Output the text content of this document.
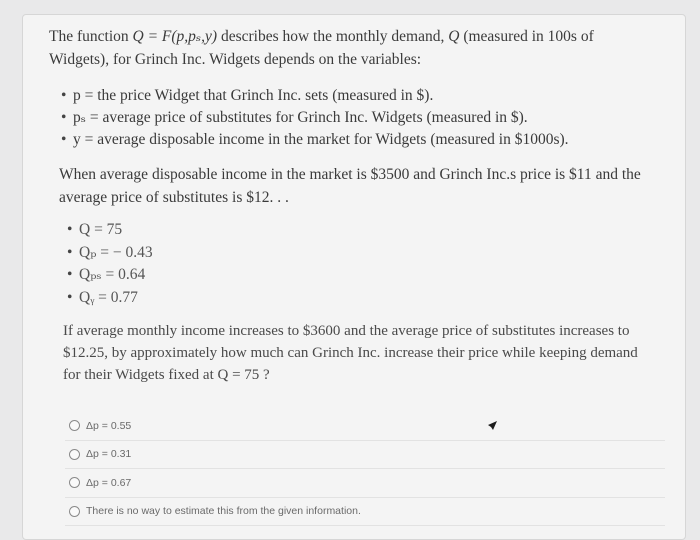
The function Q = F(p,pₛ,y) describes how the monthly demand, Q (measured in 100s of Widgets), for Grinch Inc. Widgets depends on the variables:
• p = the price Widget that Grinch Inc. sets (measured in $).
• pₛ = average price of substitutes for Grinch Inc. Widgets (measured in $).
• y = average disposable income in the market for Widgets (measured in $1000s).
When average disposable income in the market is $3500 and Grinch Inc.s price is $11 and the average price of substitutes is $12. . .
• Q = 75
• Qₚ = − 0.43
• Qₚₛ = 0.64
• Qᵧ = 0.77
If average monthly income increases to $3600 and the average price of substitutes increases to $12.25, by approximately how much can Grinch Inc. increase their price while keeping demand for their Widgets fixed at Q = 75 ?
Δp = 0.55
Δp = 0.31
Δp = 0.67
There is no way to estimate this from the given information.
